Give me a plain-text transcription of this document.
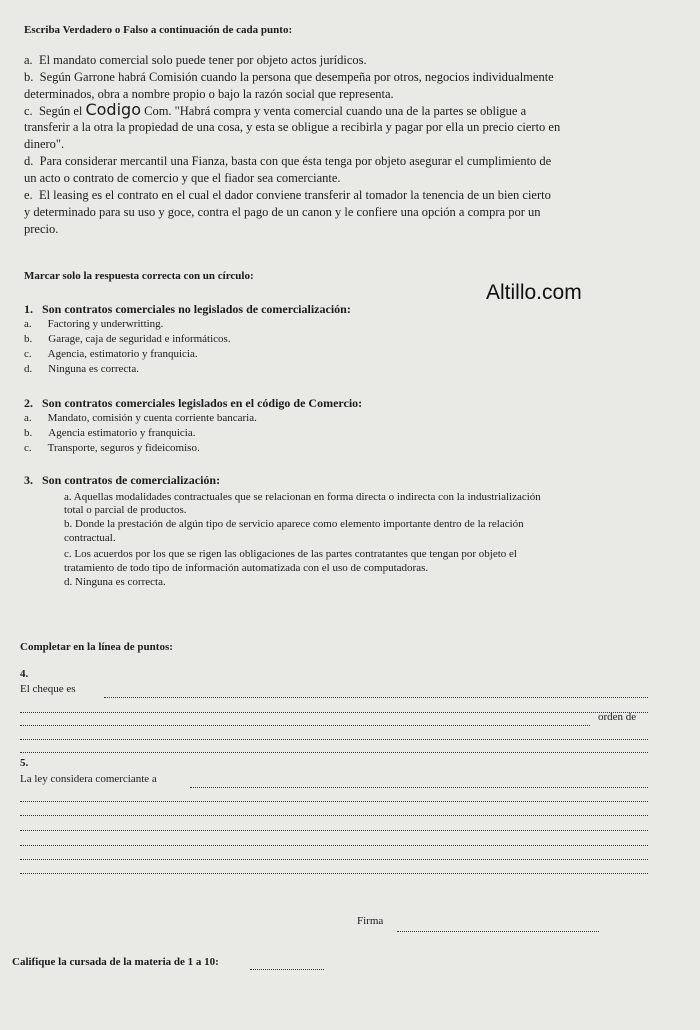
Escriba Verdadero o Falso a continuación de cada punto:
a. El mandato comercial solo puede tener por objeto actos jurídicos.
b. Según Garrone habrá Comisión cuando la persona que desempeña por otros, negocios individualmente
determinados, obra a nombre propio o bajo la razón social que representa.
c. Según el Codigo Com. "Habrá compra y venta comercial cuando una de la partes se obligue a
transferir a la otra la propiedad de una cosa, y esta se obligue a recibirla y pagar por ella un precio cierto en
dinero".
d. Para considerar mercantil una Fianza, basta con que ésta tenga por objeto asegurar el cumplimiento de
un acto o contrato de comercio y que el fiador sea comerciante.
e. El leasing es el contrato en el cual el dador conviene transferir al tomador la tenencia de un bien cierto
y determinado para su uso y goce, contra el pago de un canon y le confiere una opción a compra por un
precio.
Marcar solo la respuesta correcta con un círculo:
Altillo.com
1. Son contratos comerciales no legislados de comercialización:
a. Factoring y underwritting.
b. Garage, caja de seguridad e informáticos.
c. Agencia, estimatorio y franquicia.
d. Ninguna es correcta.
2. Son contratos comerciales legislados en el código de Comercio:
a. Mandato, comisión y cuenta corriente bancaria.
b. Agencia estimatorio y franquicia.
c. Transporte, seguros y fideicomiso.
3. Son contratos de comercialización:
a. Aquellas modalidades contractuales que se relacionan en forma directa o indirecta con la industrialización
total o parcial de productos.
b. Donde la prestación de algún tipo de servicio aparece como elemento importante dentro de la relación
contractual.
c. Los acuerdos por los que se rigen las obligaciones de las partes contratantes que tengan por objeto el
tratamiento de todo tipo de información automatizada con el uso de computadoras.
d. Ninguna es correcta.
Completar en la línea de puntos:
4.
El cheque es
orden de
5.
La ley considera comerciante a
Firma
Califique la cursada de la materia de 1 a 10:
